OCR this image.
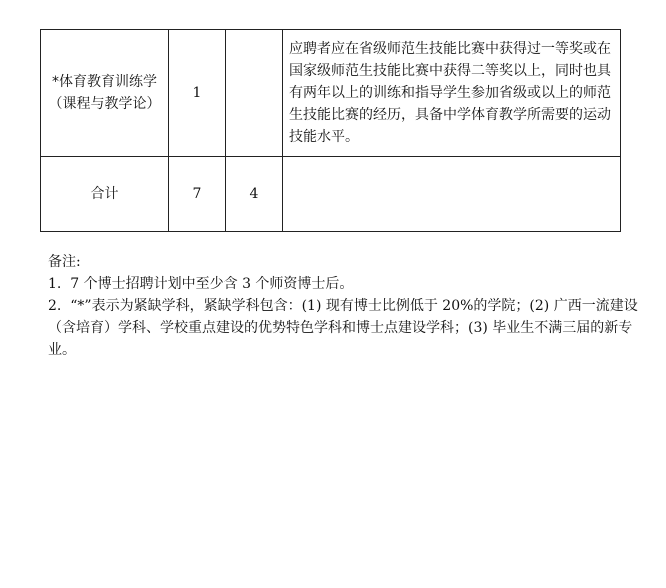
*体育教育训练学（课程与教学论）	1		应聘者应在省级师范生技能比赛中获得过一等奖或在国家级师范生技能比赛中获得二等奖以上，同时也具有两年以上的训练和指导学生参加省级或以上的师范生技能比赛的经历，具备中学体育教学所需要的运动技能水平。
合计	7	4	

备注:

1.  7 个博士招聘计划中至少含 3 个师资博士后。

2.  “*”表示为紧缺学科，紧缺学科包含：(1) 现有博士比例低于 20%的学院；(2) 广西一流建设（含培育）学科、学校重点建设的优势特色学科和博士点建设学科；(3) 毕业生不满三届的新专业。
